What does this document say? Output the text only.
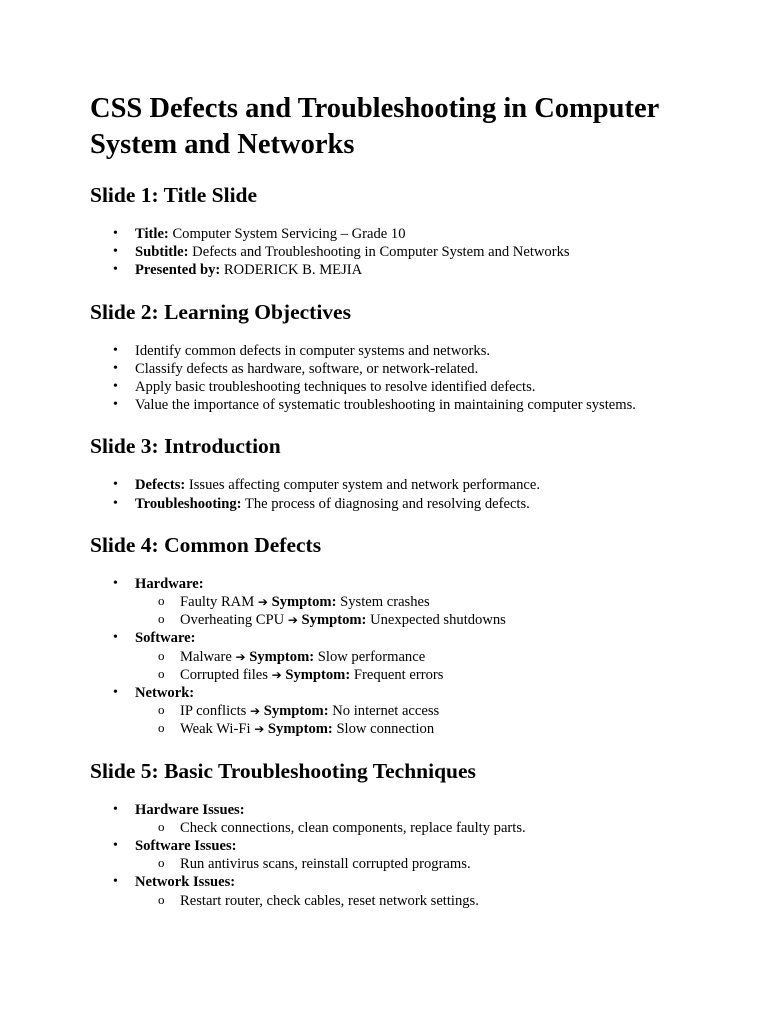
CSS Defects and Troubleshooting in Computer System and Networks
Slide 1: Title Slide
• Title: Computer System Servicing – Grade 10
• Subtitle: Defects and Troubleshooting in Computer System and Networks
• Presented by: RODERICK B. MEJIA
Slide 2: Learning Objectives
• Identify common defects in computer systems and networks.
• Classify defects as hardware, software, or network-related.
• Apply basic troubleshooting techniques to resolve identified defects.
• Value the importance of systematic troubleshooting in maintaining computer systems.
Slide 3: Introduction
• Defects: Issues affecting computer system and network performance.
• Troubleshooting: The process of diagnosing and resolving defects.
Slide 4: Common Defects
• Hardware:
o Faulty RAM ➔ Symptom: System crashes
o Overheating CPU ➔ Symptom: Unexpected shutdowns
• Software:
o Malware ➔ Symptom: Slow performance
o Corrupted files ➔ Symptom: Frequent errors
• Network:
o IP conflicts ➔ Symptom: No internet access
o Weak Wi-Fi ➔ Symptom: Slow connection
Slide 5: Basic Troubleshooting Techniques
• Hardware Issues:
o Check connections, clean components, replace faulty parts.
• Software Issues:
o Run antivirus scans, reinstall corrupted programs.
• Network Issues:
o Restart router, check cables, reset network settings.
